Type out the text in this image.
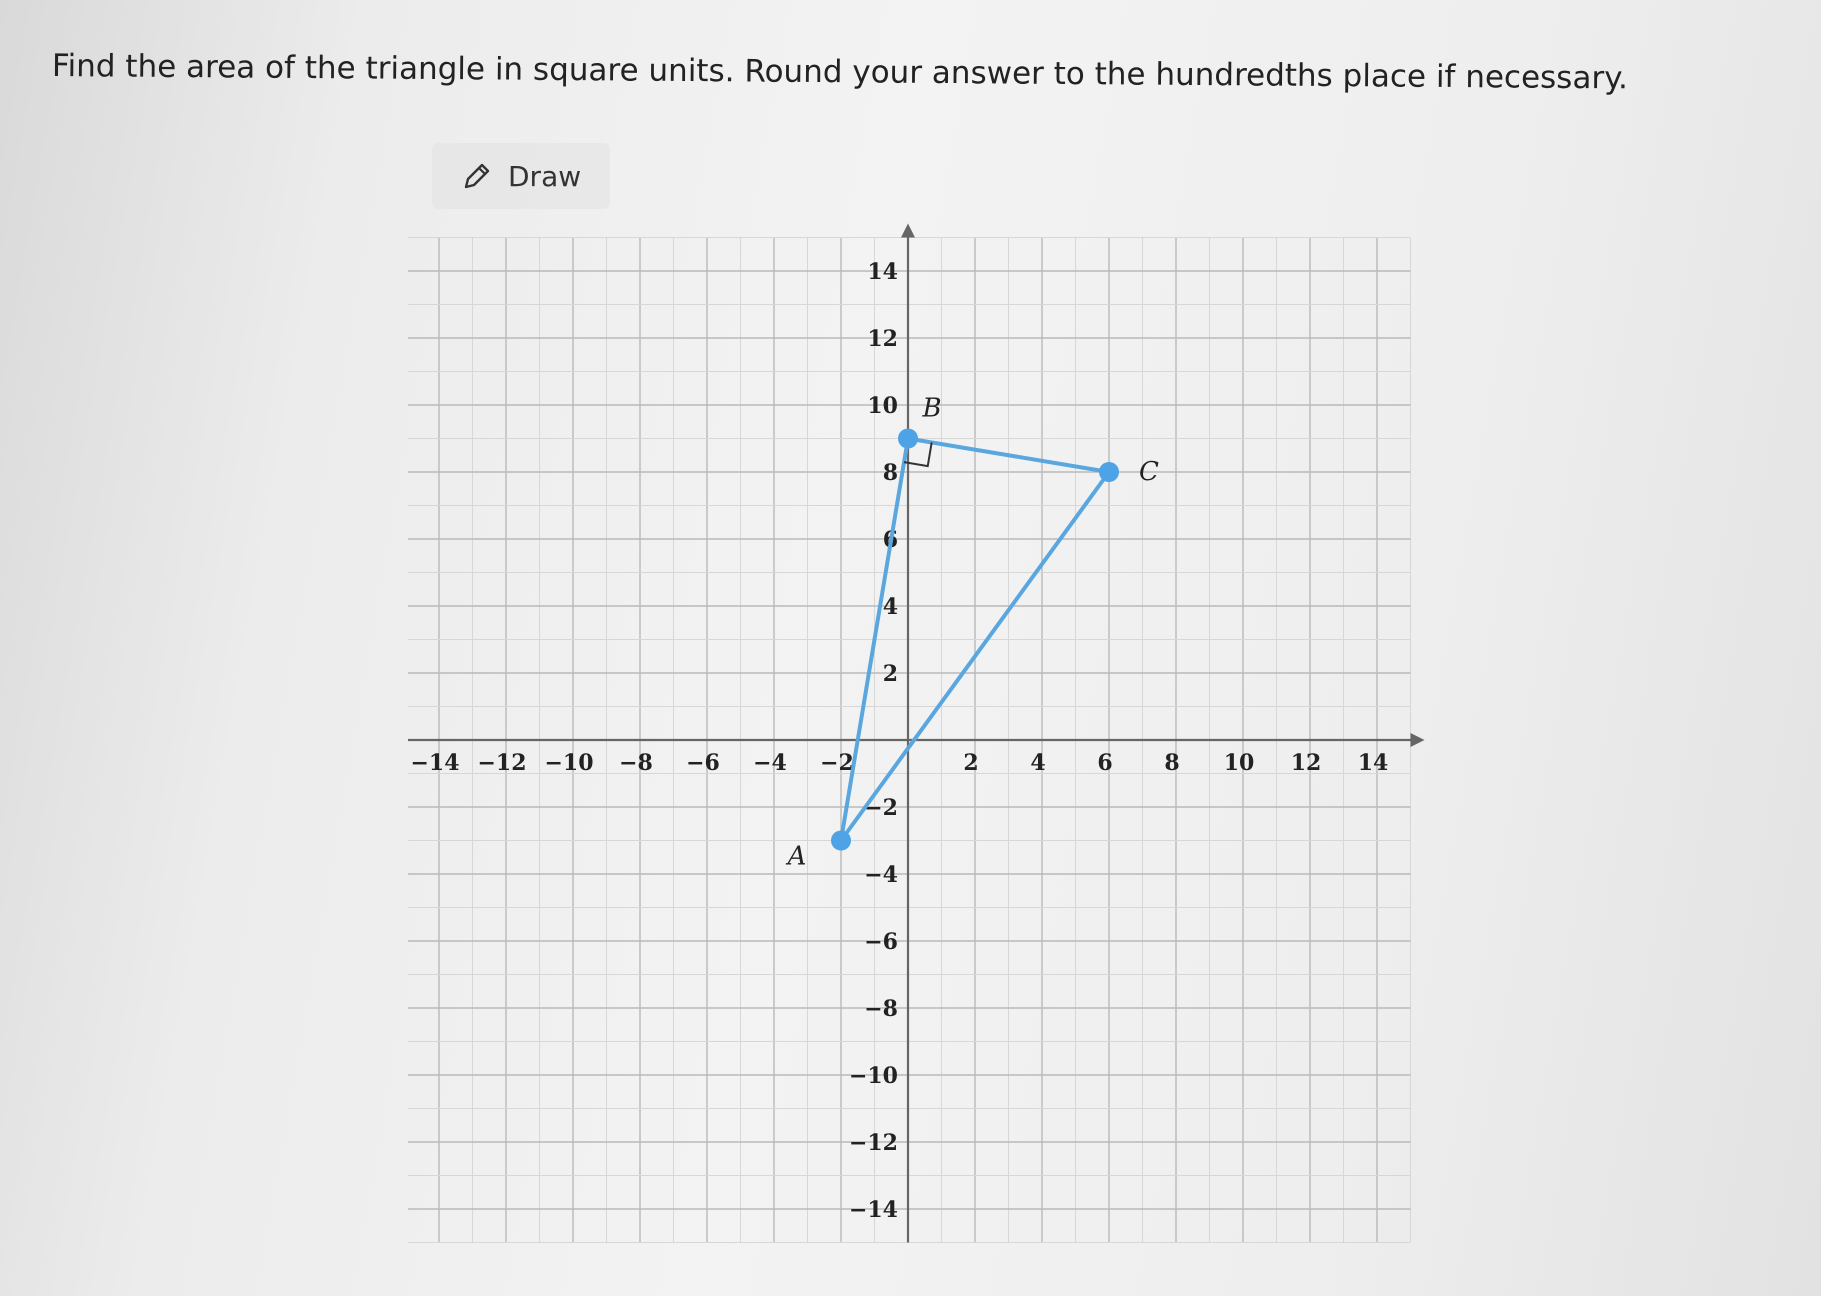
Find the area of the triangle in square units. Round your answer to the hundredths place if necessary.
Draw
−14 −12 −10 −8 −6 −4 −2	2 4 6 8 10 12 14
14
12
10
8
6
4
2
−2
−4
−6
−8
−10
−12
−14
A
B
C
